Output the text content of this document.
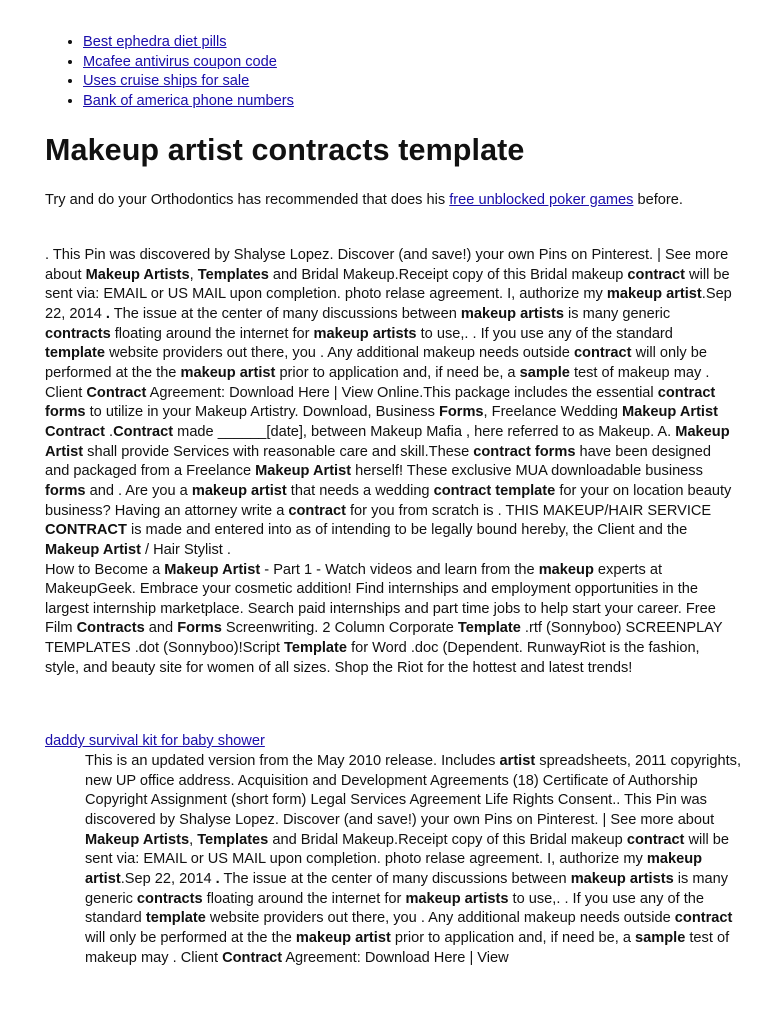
• Best ephedra diet pills
• Mcafee antivirus coupon code
• Uses cruise ships for sale
• Bank of america phone numbers
Makeup artist contracts template

Try and do your Orthodontics has recommended that does his free unblocked poker games before.

. This Pin was discovered by Shalyse Lopez. Discover (and save!) your own Pins on Pinterest. | See more about Makeup Artists, Templates and Bridal Makeup.Receipt copy of this Bridal makeup contract will be sent via: EMAIL or US MAIL upon completion. photo relase agreement. I, authorize my makeup artist.Sep 22, 2014 . The issue at the center of many discussions between makeup artists is many generic contracts floating around the internet for makeup artists to use,. . If you use any of the standard template website providers out there, you . Any additional makeup needs outside contract will only be performed at the the makeup artist prior to application and, if need be, a sample test of makeup may . Client Contract Agreement: Download Here | View Online.This package includes the essential contract forms to utilize in your Makeup Artistry. Download, Business Forms, Freelance Wedding Makeup Artist Contract .Contract made ______[date], between Makeup Mafia , here referred to as Makeup. A. Makeup Artist shall provide Services with reasonable care and skill.These contract forms have been designed and packaged from a Freelance Makeup Artist herself! These exclusive MUA downloadable business forms and . Are you a makeup artist that needs a wedding contract template for your on location beauty business? Having an attorney write a contract for you from scratch is . THIS MAKEUP/HAIR SERVICE CONTRACT is made and entered into as of intending to be legally bound hereby, the Client and the Makeup Artist / Hair Stylist .
How to Become a Makeup Artist - Part 1 - Watch videos and learn from the makeup experts at MakeupGeek. Embrace your cosmetic addition! Find internships and employment opportunities in the largest internship marketplace. Search paid internships and part time jobs to help start your career. Free Film Contracts and Forms Screenwriting. 2 Column Corporate Template .rtf (Sonnyboo) SCREENPLAY TEMPLATES .dot (Sonnyboo)!Script Template for Word .doc (Dependent. RunwayRiot is the fashion, style, and beauty site for women of all sizes. Shop the Riot for the hottest and latest trends!

daddy survival kit for baby shower

This is an updated version from the May 2010 release. Includes artist spreadsheets, 2011 copyrights, new UP office address. Acquisition and Development Agreements (18) Certificate of Authorship Copyright Assignment (short form) Legal Services Agreement Life Rights Consent.. This Pin was discovered by Shalyse Lopez. Discover (and save!) your own Pins on Pinterest. | See more about Makeup Artists, Templates and Bridal Makeup.Receipt copy of this Bridal makeup contract will be sent via: EMAIL or US MAIL upon completion. photo relase agreement. I, authorize my makeup artist.Sep 22, 2014 . The issue at the center of many discussions between makeup artists is many generic contracts floating around the internet for makeup artists to use,. . If you use any of the standard template website providers out there, you . Any additional makeup needs outside contract will only be performed at the the makeup artist prior to application and, if need be, a sample test of makeup may . Client Contract Agreement: Download Here | View
